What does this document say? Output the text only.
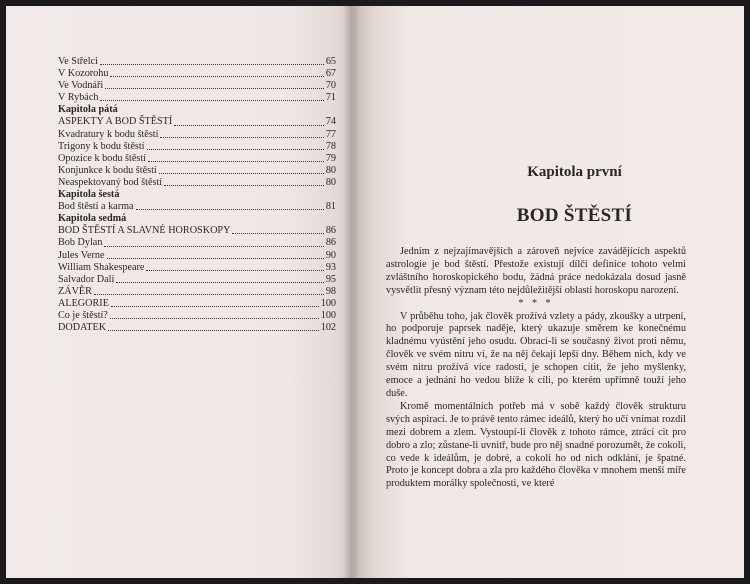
Ve Střelci	65
V Kozorohu	67
Ve Vodnáři	70
V Rybách	71
Kapitola pátá
ASPEKTY A BOD ŠTĚSTÍ	74
Kvadratury k bodu štěstí	77
Trigony k bodu štěstí	78
Opozice k bodu štěstí	79
Konjunkce k bodu štěstí	80
Neaspektovaný bod štěstí	80
Kapitola šestá
Bod štěstí a karma	81
Kapitola sedmá
BOD ŠTĚSTÍ A SLAVNÉ HOROSKOPY	86
Bob Dylan	86
Jules Verne	90
William Shakespeare	93
Salvador Dalí	95
ZÁVĚR	98
ALEGORIE	100
Co je štěstí?	100
DODATEK	102
Kapitola první
BOD ŠTĚSTÍ

Jedním z nejzajímavějších a zároveň nejvíce zavádějících aspektů astrologie je bod štěstí. Přestože existují dílčí definice tohoto velmi zvláštního horoskopického bodu, žádná práce nedokázala dosud jasně vysvětlit přesný význam této nejdůležitější oblasti horoskopu narození.

* * *

V průběhu toho, jak člověk prožívá vzlety a pády, zkoušky a utrpení, ho podporuje paprsek naděje, který ukazuje směrem ke konečnému kladnému vyústění jeho osudu. Obrací-li se současný život proti němu, člověk ve svém nitru ví, že na něj čekají lepší dny. Během nich, kdy ve svém nitru prožívá více radosti, je schopen cítit, že jeho myšlenky, emoce a jednání ho vedou blíže k cíli, po kterém upřímně touží jeho duše.

Kromě momentálních potřeb má v sobě každý člověk strukturu svých aspirací. Je to právě tento rámec ideálů, který ho učí vnímat rozdíl mezi dobrem a zlem. Vystoupí-li člověk z tohoto rámce, ztrácí cit pro dobro a zlo; zůstane-li uvnitř, bude pro něj snadné porozumět, že cokoli, co vede k ideálům, je dobré, a cokoli ho od nich odklání, je špatné. Proto je koncept dobra a zla pro každého člověka v mnohem menší míře produktem morálky společnosti, ve které
